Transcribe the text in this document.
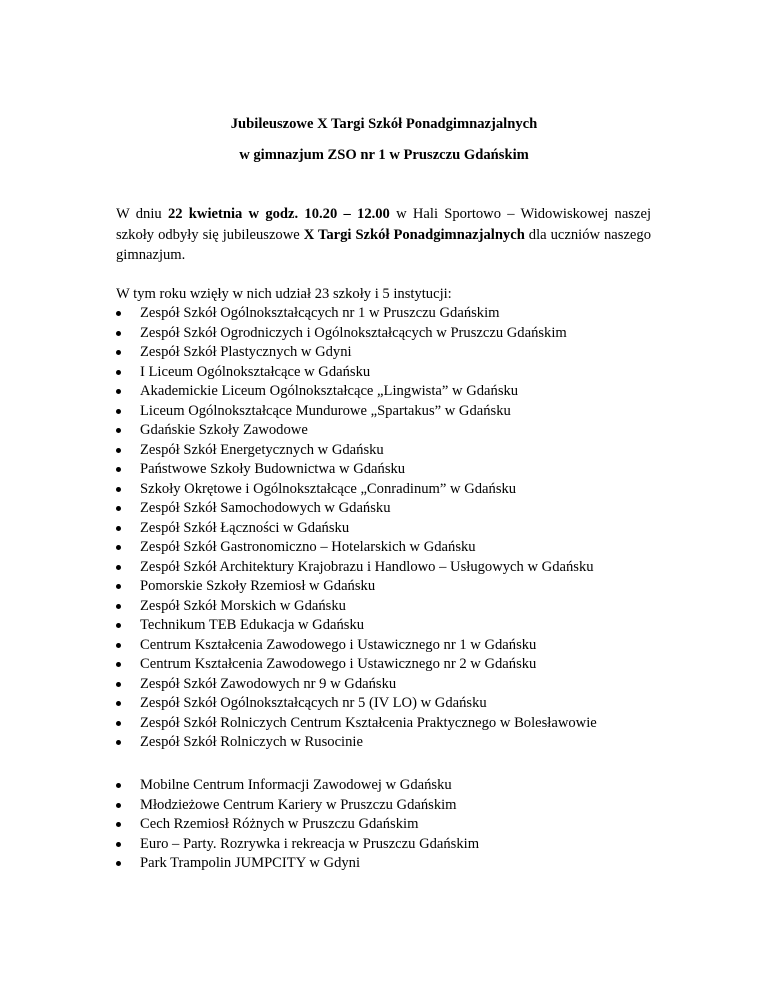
Jubileuszowe X Targi Szkół Ponadgimnazjalnych
w gimnazjum ZSO nr 1 w Pruszczu Gdańskim

W dniu 22 kwietnia w godz. 10.20 – 12.00 w Hali Sportowo – Widowiskowej naszej szkoły odbyły się jubileuszowe X Targi Szkół Ponadgimnazjalnych dla uczniów naszego gimnazjum.

W tym roku wzięły w nich udział 23 szkoły i 5 instytucji:

Zespół Szkół Ogólnokształcących nr 1 w Pruszczu Gdańskim
Zespół Szkół Ogrodniczych i Ogólnokształcących w Pruszczu Gdańskim
Zespół Szkół Plastycznych w Gdyni
I Liceum Ogólnokształcące w Gdańsku
Akademickie Liceum Ogólnokształcące „Lingwista” w Gdańsku
Liceum Ogólnokształcące Mundurowe „Spartakus” w Gdańsku
Gdańskie Szkoły Zawodowe
Zespół Szkół Energetycznych w Gdańsku
Państwowe Szkoły Budownictwa w Gdańsku
Szkoły Okrętowe i Ogólnokształcące „Conradinum” w Gdańsku
Zespół Szkół Samochodowych w Gdańsku
Zespół Szkół Łączności w Gdańsku
Zespół Szkół Gastronomiczno – Hotelarskich w Gdańsku
Zespół Szkół Architektury Krajobrazu i Handlowo – Usługowych w Gdańsku
Pomorskie Szkoły Rzemiosł w Gdańsku
Zespół Szkół Morskich w Gdańsku
Technikum TEB Edukacja w Gdańsku
Centrum Kształcenia Zawodowego i Ustawicznego nr 1 w Gdańsku
Centrum Kształcenia Zawodowego i Ustawicznego nr 2 w Gdańsku
Zespół Szkół Zawodowych nr 9 w Gdańsku
Zespół Szkół Ogólnokształcących nr 5 (IV LO) w Gdańsku
Zespół Szkół Rolniczych Centrum Kształcenia Praktycznego w Bolesławowie
Zespół Szkół Rolniczych w Rusocinie
Mobilne Centrum Informacji Zawodowej w Gdańsku
Młodzieżowe Centrum Kariery w Pruszczu Gdańskim
Cech Rzemiosł Różnych w Pruszczu Gdańskim
Euro – Party. Rozrywka i rekreacja w Pruszczu Gdańskim
Park Trampolin JUMPCITY w Gdyni
